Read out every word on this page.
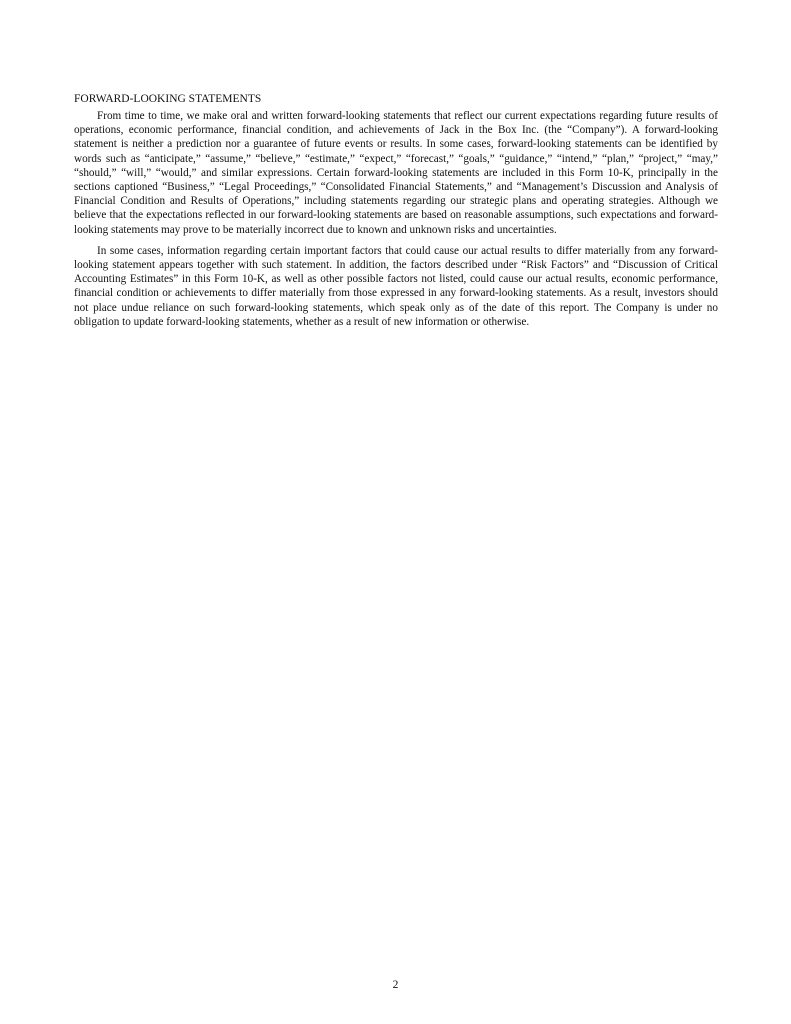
FORWARD-LOOKING STATEMENTS

From time to time, we make oral and written forward-looking statements that reflect our current expectations regarding future results of operations, economic performance, financial condition, and achievements of Jack in the Box Inc. (the “Company”). A forward-looking statement is neither a prediction nor a guarantee of future events or results. In some cases, forward-looking statements can be identified by words such as “anticipate,” “assume,” “believe,” “estimate,” “expect,” “forecast,” “goals,” “guidance,” “intend,” “plan,” “project,” “may,” “should,” “will,” “would,” and similar expressions. Certain forward-looking statements are included in this Form 10-K, principally in the sections captioned “Business,” “Legal Proceedings,” “Consolidated Financial Statements,” and “Management’s Discussion and Analysis of Financial Condition and Results of Operations,” including statements regarding our strategic plans and operating strategies. Although we believe that the expectations reflected in our forward-looking statements are based on reasonable assumptions, such expectations and forward-looking statements may prove to be materially incorrect due to known and unknown risks and uncertainties.

In some cases, information regarding certain important factors that could cause our actual results to differ materially from any forward-looking statement appears together with such statement. In addition, the factors described under “Risk Factors” and “Discussion of Critical Accounting Estimates” in this Form 10-K, as well as other possible factors not listed, could cause our actual results, economic performance, financial condition or achievements to differ materially from those expressed in any forward-looking statements. As a result, investors should not place undue reliance on such forward-looking statements, which speak only as of the date of this report. The Company is under no obligation to update forward-looking statements, whether as a result of new information or otherwise.

2
